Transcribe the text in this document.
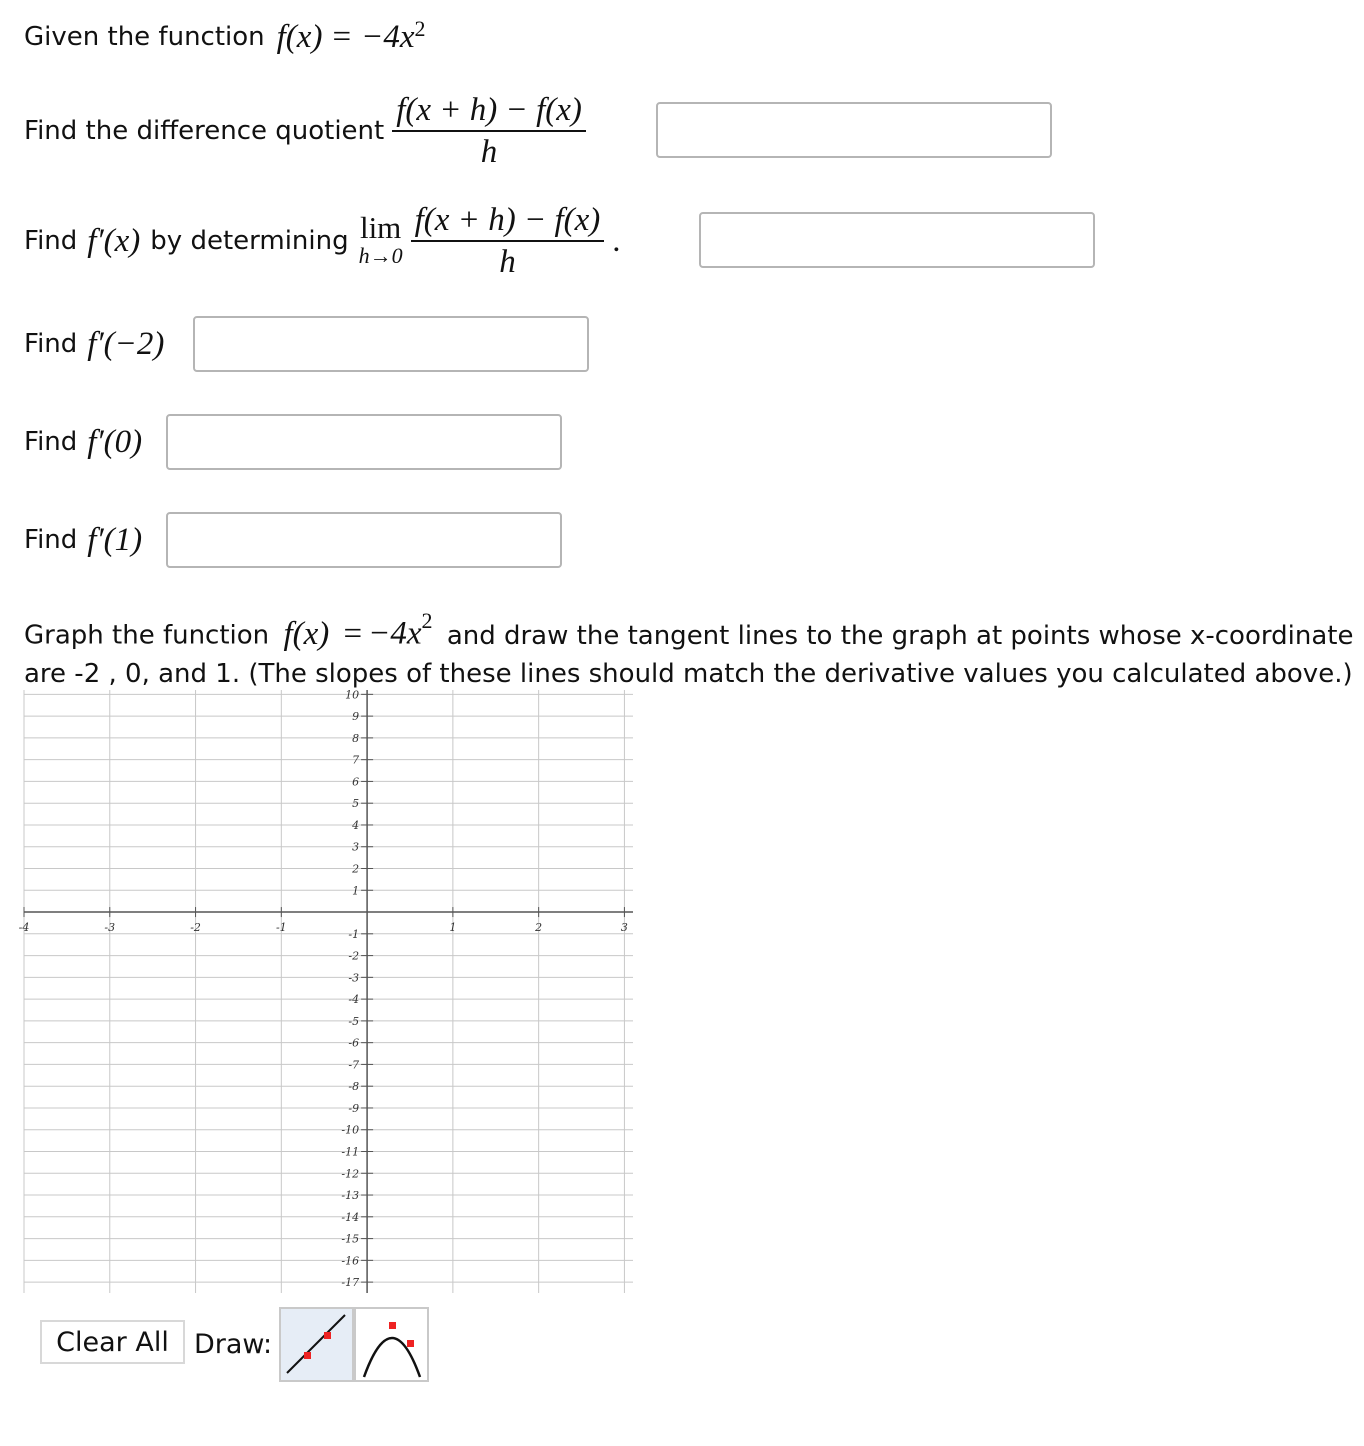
Given the function $f(x) = -4x^2$
Find the difference quotient $\frac{f(x + h) - f(x)}{h}$
Find f′(x) by determining lim
$h\to 0 \frac{f(x + h) - f(x)}{h}$ .
Find f′(−2)
Find f′(0)
Find f′(1)
Graph the function $f(x) = -4x^2$ and draw the tangent lines to the graph at points whose x-coordinate
are -2 , 0, and 1. (The slopes of these lines should match the derivative values you calculated above.)
10
9
8
7
6
5
4
3
2
1
-1
-2
-3
-4
-5
-6
-7
-8
-9
-10
-11
-12
-13
-14
-15
-16
-17
-4	-3	-2	-1	1	2	3
Clear All Draw:
